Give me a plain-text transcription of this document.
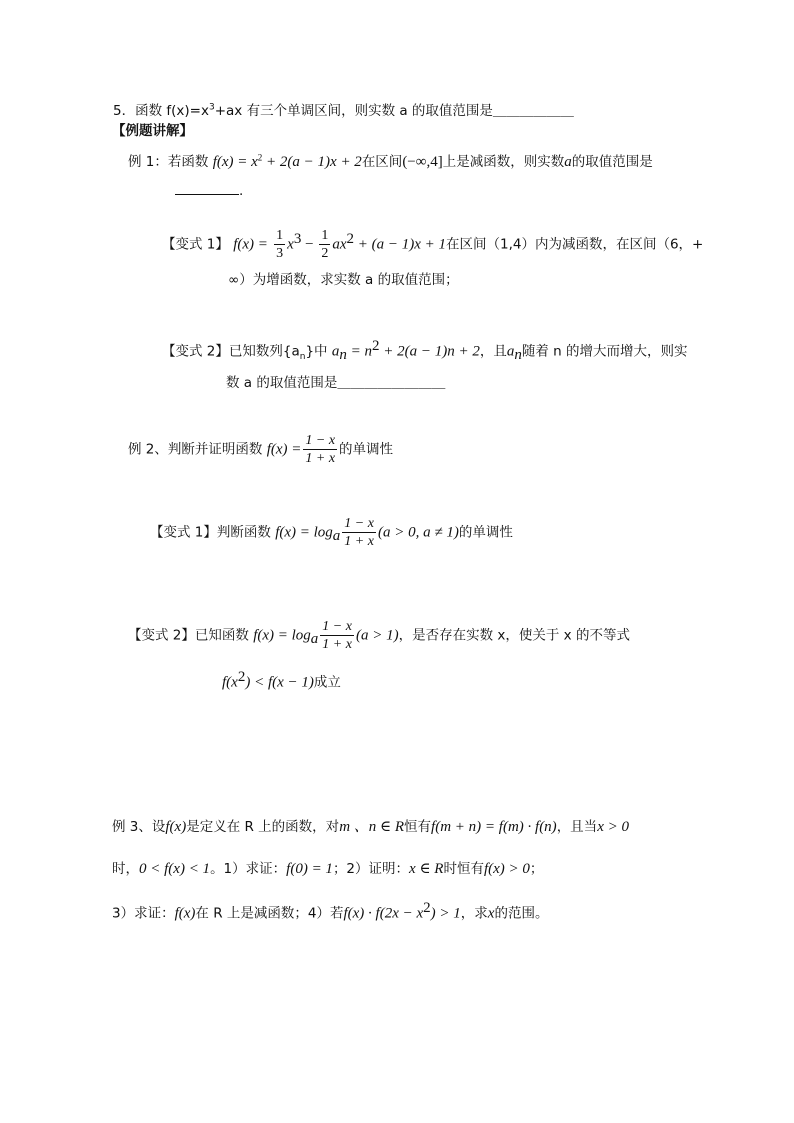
5．函数 $f(x)=x^3+ax$ 有三个单调区间，则实数 a 的取值范围是＿＿＿＿＿＿
【例题讲解】
例 1：若函数 $f(x) = x^2 + 2(a - 1)x + 2$在区间(−∞,4]上是减函数，则实数a的取值范围是
.
【变式 1】 $f(x) = \frac{1}{3} x^3 - \frac{1}{2} ax^2 + (a - 1)x + 1$在区间（1,4）内为减函数，在区间（6，+
∞）为增函数，求实数 a 的取值范围；
【变式 2】已知数列$\{a_n\}$中 $a_n = n^2 + 2(a - 1)n + 2$，且$a_n$随着 n 的增大而增大，则实
数 a 的取值范围是＿＿＿＿＿＿＿＿
例 2、判断并证明函数 $f(x) = \frac{1 - x}{1 + x}$ 的单调性
【变式 1】判断函数 $f(x) = \log_a \frac{1 - x}{1 + x} (a > 0$, a ≠ 1)的单调性
【变式 2】已知函数 $f(x) = \log_a \frac{1 - x}{1 + x} (a > 1)$，是否存在实数 x，使关于 x 的不等式
$f(x^2) < f(x - 1)$成立
例 3、设f(x)是定义在 R 上的函数，对m 、n ∈ R恒有f(m + n) = f(m) · f(n)，且当x > 0
时，0 < f(x) < 1。1）求证：f(0) = 1；2）证明：x ∈ R时恒有f(x) > 0；
3）求证：f(x)在 R 上是减函数；4）若$f(x) \cdot f(2x - x^2) > 1$，求x的范围。
